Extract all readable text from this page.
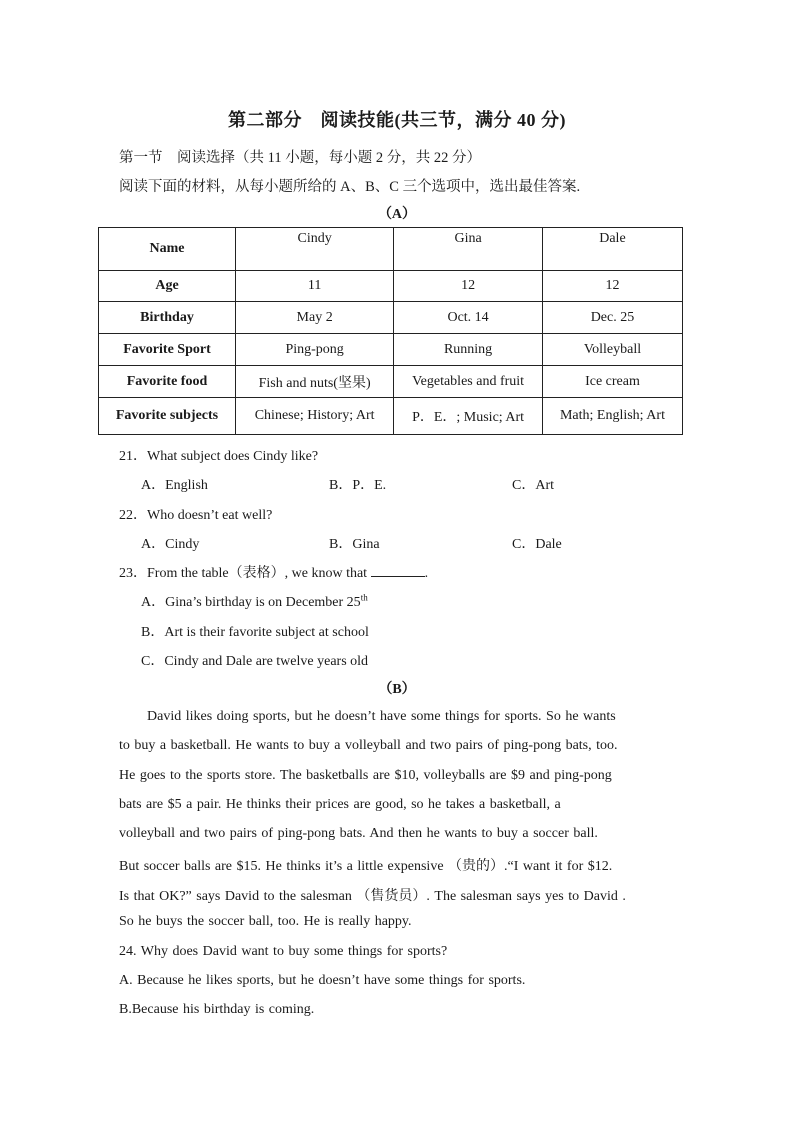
第二部分　阅读技能(共三节，满分 40 分)
第一节　阅读选择（共 11 小题，每小题 2 分，共 22 分）
阅读下面的材料，从每小题所给的 A、B、C 三个选项中，选出最佳答案.
（A）
Name	Cindy	Gina	Dale
Age	11	12	12
Birthday	May 2	Oct. 14	Dec. 25
Favorite Sport	Ping-pong	Running	Volleyball
Favorite food	Fish and nuts(坚果)	Vegetables and fruit	Ice cream
Favorite subjects	Chinese; History; Art	P．E．; Music; Art	Math; English; Art
21．What subject does Cindy like?
A．English	B．P．E.	C．Art
22．Who doesn’t eat well?
A．Cindy	B．Gina	C．Dale
23．From the table（表格）, we know that	.
A．Gina’s birthday is on December 25th
B．Art is their favorite subject at school
C．Cindy and Dale are twelve years old
（B）
David likes doing sports, but he doesn’t have some things for sports. So he wants
to buy a basketball. He wants to buy a volleyball and two pairs of ping-pong bats, too.
He goes to the sports store. The basketballs are $10, volleyballs are $9 and ping-pong
bats are $5 a pair. He thinks their prices are good, so he takes a basketball, a
volleyball and two pairs of ping-pong bats. And then he wants to buy a soccer ball.
But soccer balls are $15. He thinks it’s a little expensive （贵的）.“I want it for $12.
Is that OK?” says David to the salesman （售货员）. The salesman says yes to David .
So he buys the soccer ball, too. He is really happy.
24. Why does David want to buy some things for sports?
A. Because he likes sports, but he doesn’t have some things for sports.
B.Because his birthday is coming.
